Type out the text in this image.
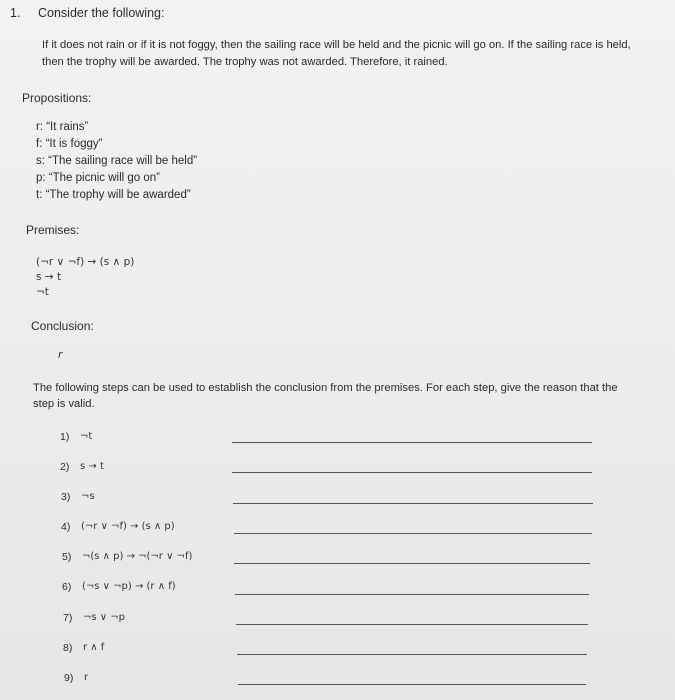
1. Consider the following:
If it does not rain or if it is not foggy, then the sailing race will be held and the picnic will go on. If the sailing race is held, then the trophy will be awarded. The trophy was not awarded. Therefore, it rained.
Propositions:
r: “It rains”
f: “It is foggy”
s: “The sailing race will be held”
p: “The picnic will go on”
t: “The trophy will be awarded”
Premises:
(¬r ∨ ¬f) → (s ∧ p)
s → t
¬t
Conclusion:
r
The following steps can be used to establish the conclusion from the premises. For each step, give the reason that the step is valid.
1) ¬t
2) s → t
3) ¬s
4) (¬r ∨ ¬f) → (s ∧ p)
5) ¬(s ∧ p) → ¬(¬r ∨ ¬f)
6) (¬s ∨ ¬p) → (r ∧ f)
7) ¬s ∨ ¬p
8) r ∧ f
9) r
